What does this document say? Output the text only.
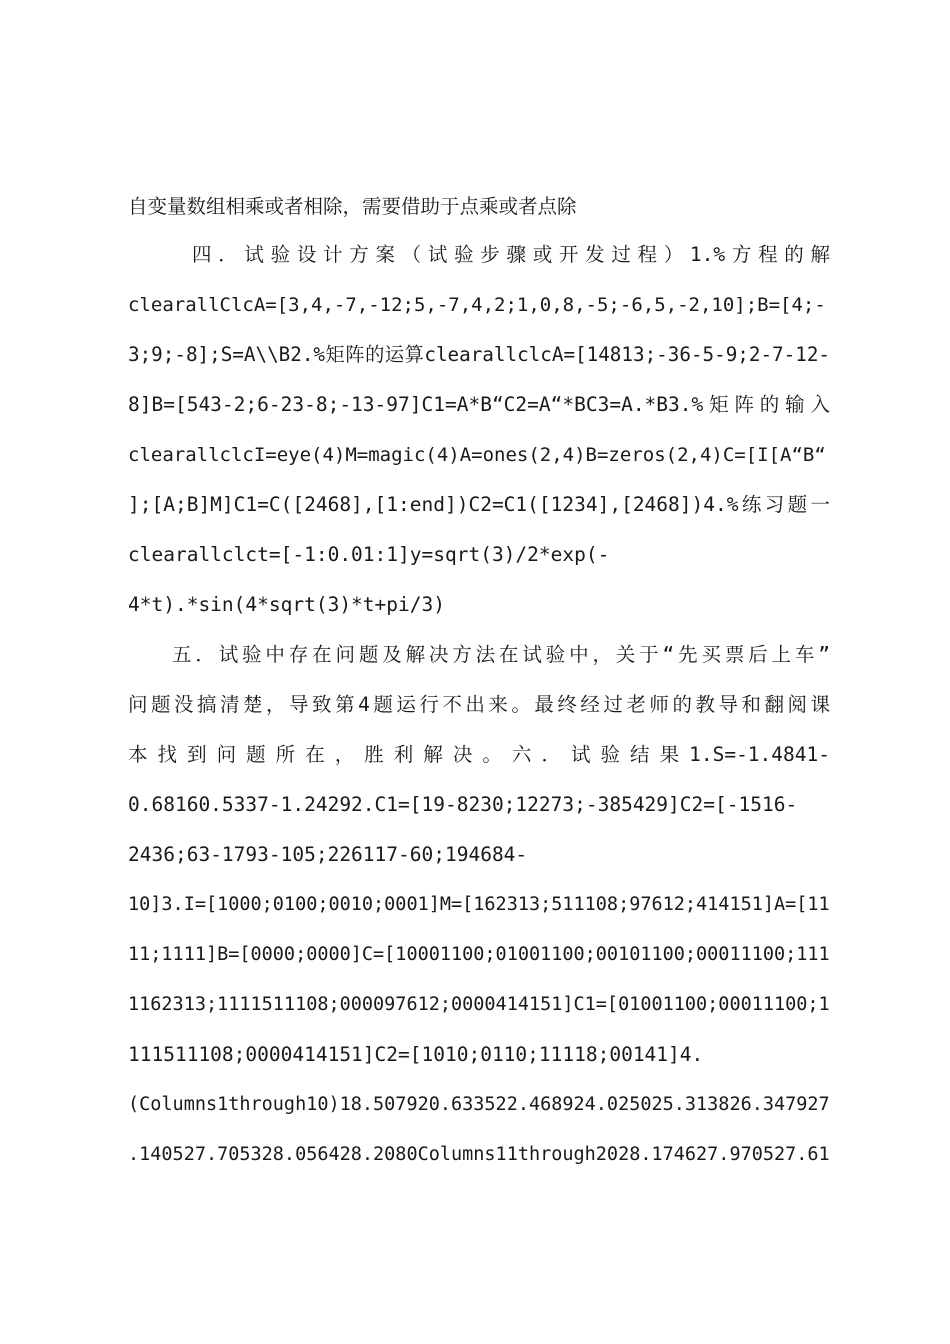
自变量数组相乘或者相除，需要借助于点乘或者点除
四．试验设计方案（试验步骤或开发过程）1.%方程的解
clearallClcA=[3,4,-7,-12;5,-7,4,2;1,0,8,-5;-6,5,-2,10];B=[4;-
3;9;-8];S=A\\B2.%矩阵的运算clearallclcA=[14813;-36-5-9;2-7-12-
8]B=[543-2;6-23-8;-13-97]C1=A*B“C2=A“*BC3=A.*B3.%矩阵的输入
clearallclcI=eye(4)M=magic(4)A=ones(2,4)B=zeros(2,4)C=[I[A“B“
];[A;B]M]C1=C([2468],[1:end])C2=C1([1234],[2468])4.%练习题一
clearallclct=[-1:0.01:1]y=sqrt(3)/2*exp(-
4*t).*sin(4*sqrt(3)*t+pi/3)
五．试验中存在问题及解决方法在试验中，关于“先买票后上车”
问题没搞清楚，导致第4题运行不出来。最终经过老师的教导和翻阅课
本找到问题所在，胜利解决。六．试验结果1.S=-1.4841-
0.68160.5337-1.24292.C1=[19-8230;12273;-385429]C2=[-1516-
2436;63-1793-105;226117-60;194684-
10]3.I=[1000;0100;0010;0001]M=[162313;511108;97612;414151]A=[11
11;1111]B=[0000;0000]C=[10001100;01001100;00101100;00011100;111
1162313;1111511108;000097612;0000414151]C1=[01001100;00011100;1
111511108;0000414151]C2=[1010;0110;11118;00141]4.
(Columns1through10)18.507920.633522.468924.025025.313826.347927
.140527.705328.056428.2080Columns11through2028.174627.970527.61
